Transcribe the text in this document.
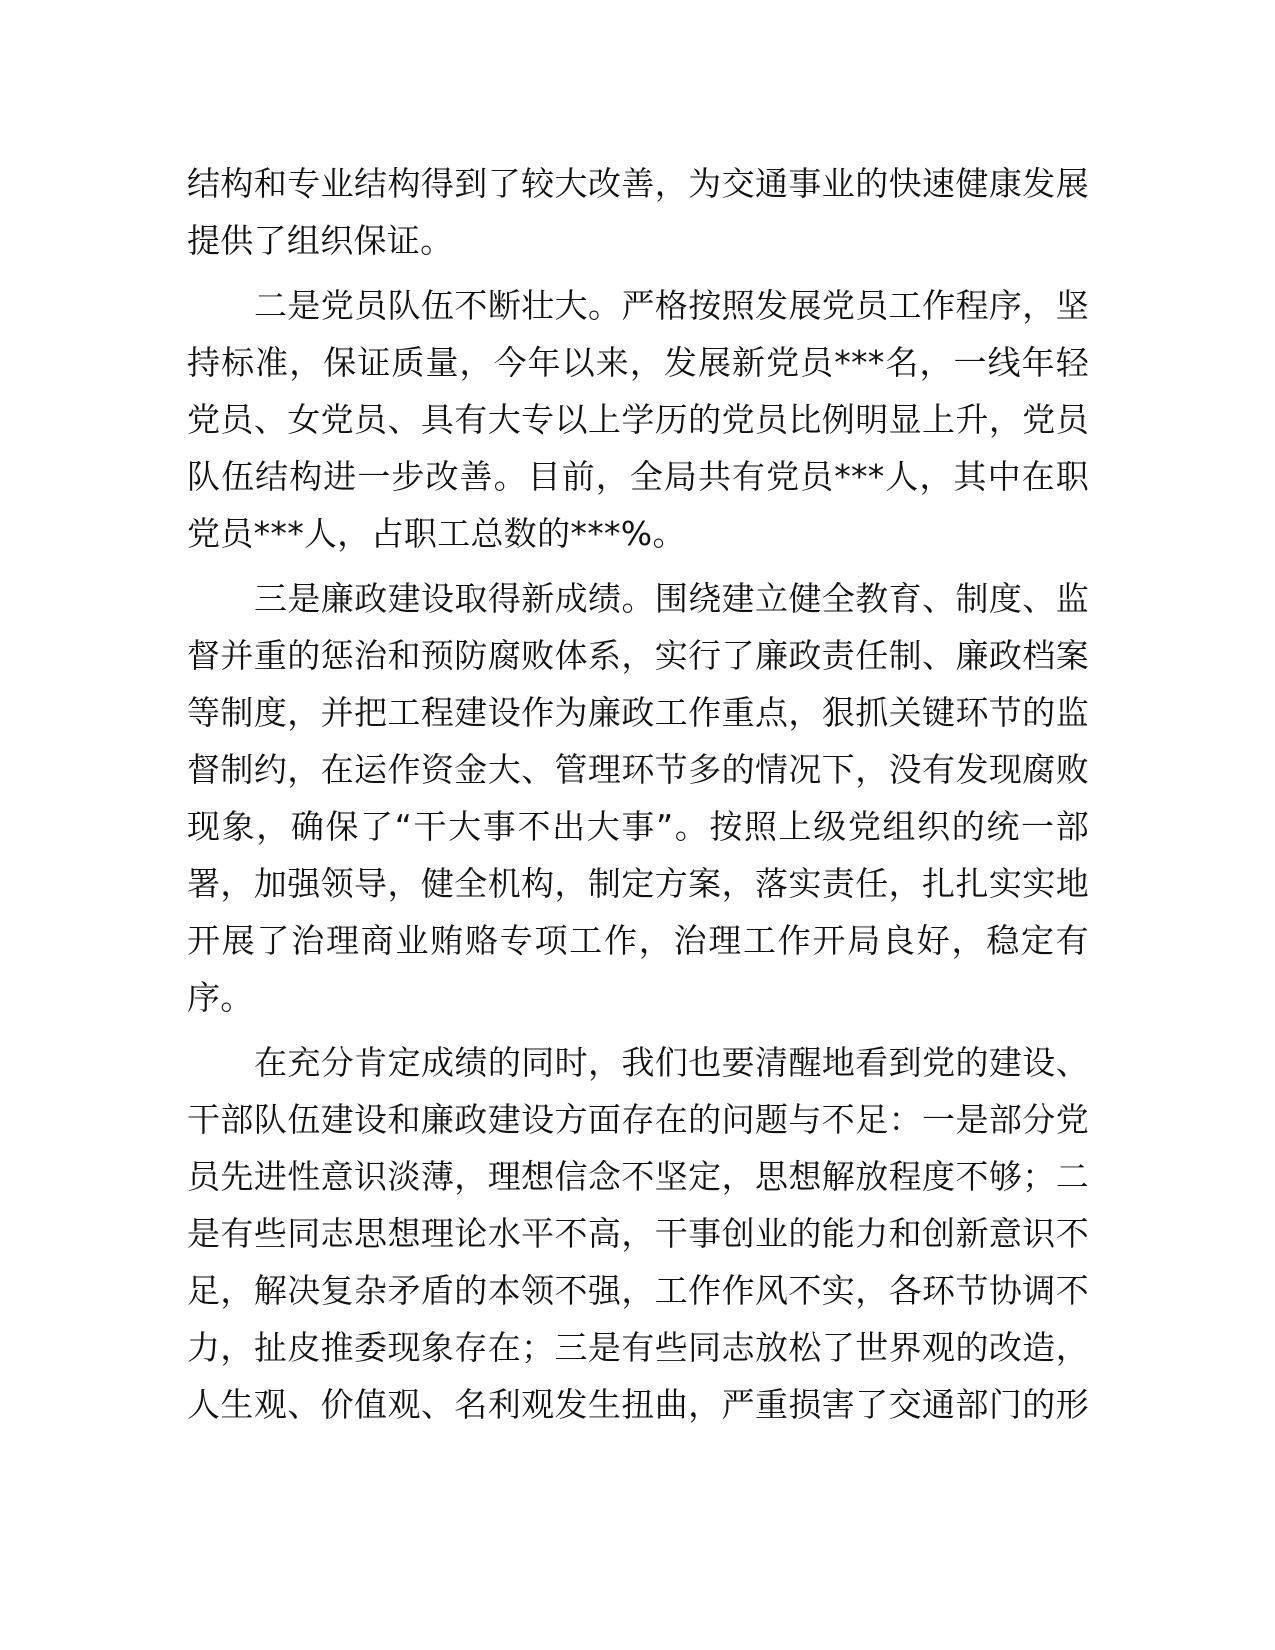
结构和专业结构得到了较大改善，为交通事业的快速健康发展
提供了组织保证。
二是党员队伍不断壮大。严格按照发展党员工作程序，坚
持标准，保证质量，今年以来，发展新党员***名，一线年轻
党员、女党员、具有大专以上学历的党员比例明显上升，党员
队伍结构进一步改善。目前，全局共有党员***人，其中在职
党员***人，占职工总数的***%。
三是廉政建设取得新成绩。围绕建立健全教育、制度、监
督并重的惩治和预防腐败体系，实行了廉政责任制、廉政档案
等制度，并把工程建设作为廉政工作重点，狠抓关键环节的监
督制约，在运作资金大、管理环节多的情况下，没有发现腐败
现象，确保了“干大事不出大事”。按照上级党组织的统一部
署，加强领导，健全机构，制定方案，落实责任，扎扎实实地
开展了治理商业贿赂专项工作，治理工作开局良好，稳定有
序。
在充分肯定成绩的同时，我们也要清醒地看到党的建设、
干部队伍建设和廉政建设方面存在的问题与不足：一是部分党
员先进性意识淡薄，理想信念不坚定，思想解放程度不够；二
是有些同志思想理论水平不高，干事创业的能力和创新意识不
足，解决复杂矛盾的本领不强，工作作风不实，各环节协调不
力，扯皮推委现象存在；三是有些同志放松了世界观的改造，
人生观、价值观、名利观发生扭曲，严重损害了交通部门的形
